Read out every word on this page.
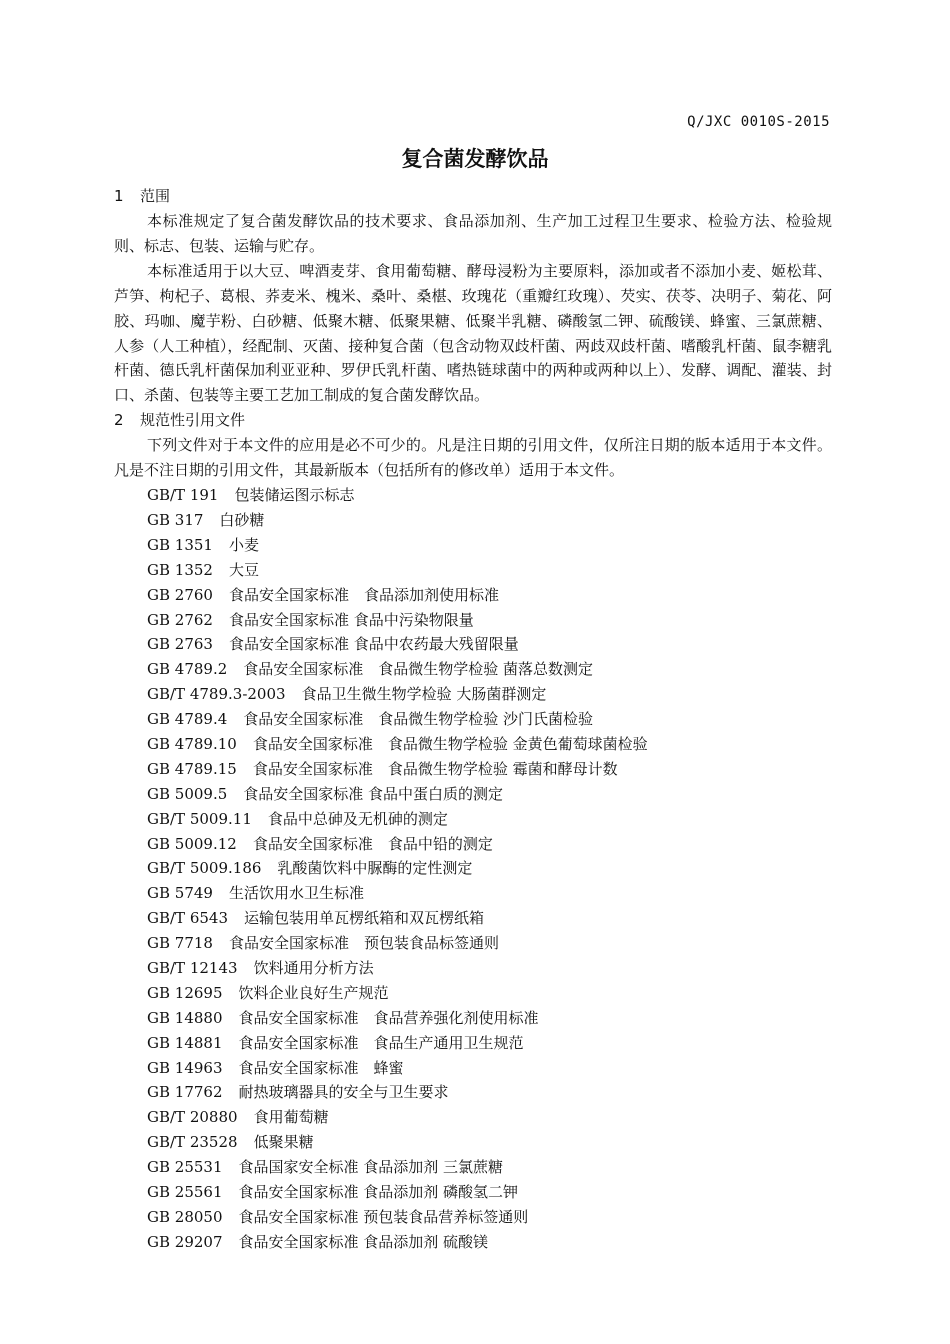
Q/JXC 0010S-2015
复合菌发酵饮品
1 范围

本标准规定了复合菌发酵饮品的技术要求、食品添加剂、生产加工过程卫生要求、检验方法、检验规则、标志、包装、运输与贮存。

本标准适用于以大豆、啤酒麦芽、食用葡萄糖、酵母浸粉为主要原料，添加或者不添加小麦、姬松茸、芦笋、枸杞子、葛根、荞麦米、槐米、桑叶、桑椹、玫瑰花（重瓣红玫瑰）、芡实、茯苓、决明子、菊花、阿胶、玛咖、魔芋粉、白砂糖、低聚木糖、低聚果糖、低聚半乳糖、磷酸氢二钾、硫酸镁、蜂蜜、三氯蔗糖、人参（人工种植），经配制、灭菌、接种复合菌（包含动物双歧杆菌、两歧双歧杆菌、嗜酸乳杆菌、鼠李糖乳杆菌、德氏乳杆菌保加利亚亚种、罗伊氏乳杆菌、嗜热链球菌中的两种或两种以上）、发酵、调配、灌装、封口、杀菌、包装等主要工艺加工制成的复合菌发酵饮品。

2 规范性引用文件

下列文件对于本文件的应用是必不可少的。凡是注日期的引用文件，仅所注日期的版本适用于本文件。凡是不注日期的引用文件，其最新版本（包括所有的修改单）适用于本文件。

GB/T 191 包装储运图示标志
GB 317 白砂糖
GB 1351 小麦
GB 1352 大豆
GB 2760 食品安全国家标准　食品添加剂使用标准
GB 2762 食品安全国家标准 食品中污染物限量
GB 2763 食品安全国家标准 食品中农药最大残留限量
GB 4789.2 食品安全国家标准　食品微生物学检验 菌落总数测定
GB/T 4789.3-2003 食品卫生微生物学检验 大肠菌群测定
GB 4789.4 食品安全国家标准　食品微生物学检验 沙门氏菌检验
GB 4789.10 食品安全国家标准　食品微生物学检验 金黄色葡萄球菌检验
GB 4789.15 食品安全国家标准　食品微生物学检验 霉菌和酵母计数
GB 5009.5 食品安全国家标准 食品中蛋白质的测定
GB/T 5009.11 食品中总砷及无机砷的测定
GB 5009.12 食品安全国家标准　食品中铅的测定
GB/T 5009.186 乳酸菌饮料中脲酶的定性测定
GB 5749 生活饮用水卫生标准
GB/T 6543 运输包装用单瓦楞纸箱和双瓦楞纸箱
GB 7718 食品安全国家标准　预包装食品标签通则
GB/T 12143 饮料通用分析方法
GB 12695 饮料企业良好生产规范
GB 14880 食品安全国家标准　食品营养强化剂使用标准
GB 14881 食品安全国家标准　食品生产通用卫生规范
GB 14963 食品安全国家标准　蜂蜜
GB 17762 耐热玻璃器具的安全与卫生要求
GB/T 20880 食用葡萄糖
GB/T 23528 低聚果糖
GB 25531 食品国家安全标准 食品添加剂 三氯蔗糖
GB 25561 食品安全国家标准 食品添加剂 磷酸氢二钾
GB 28050 食品安全国家标准 预包装食品营养标签通则
GB 29207 食品安全国家标准 食品添加剂 硫酸镁
